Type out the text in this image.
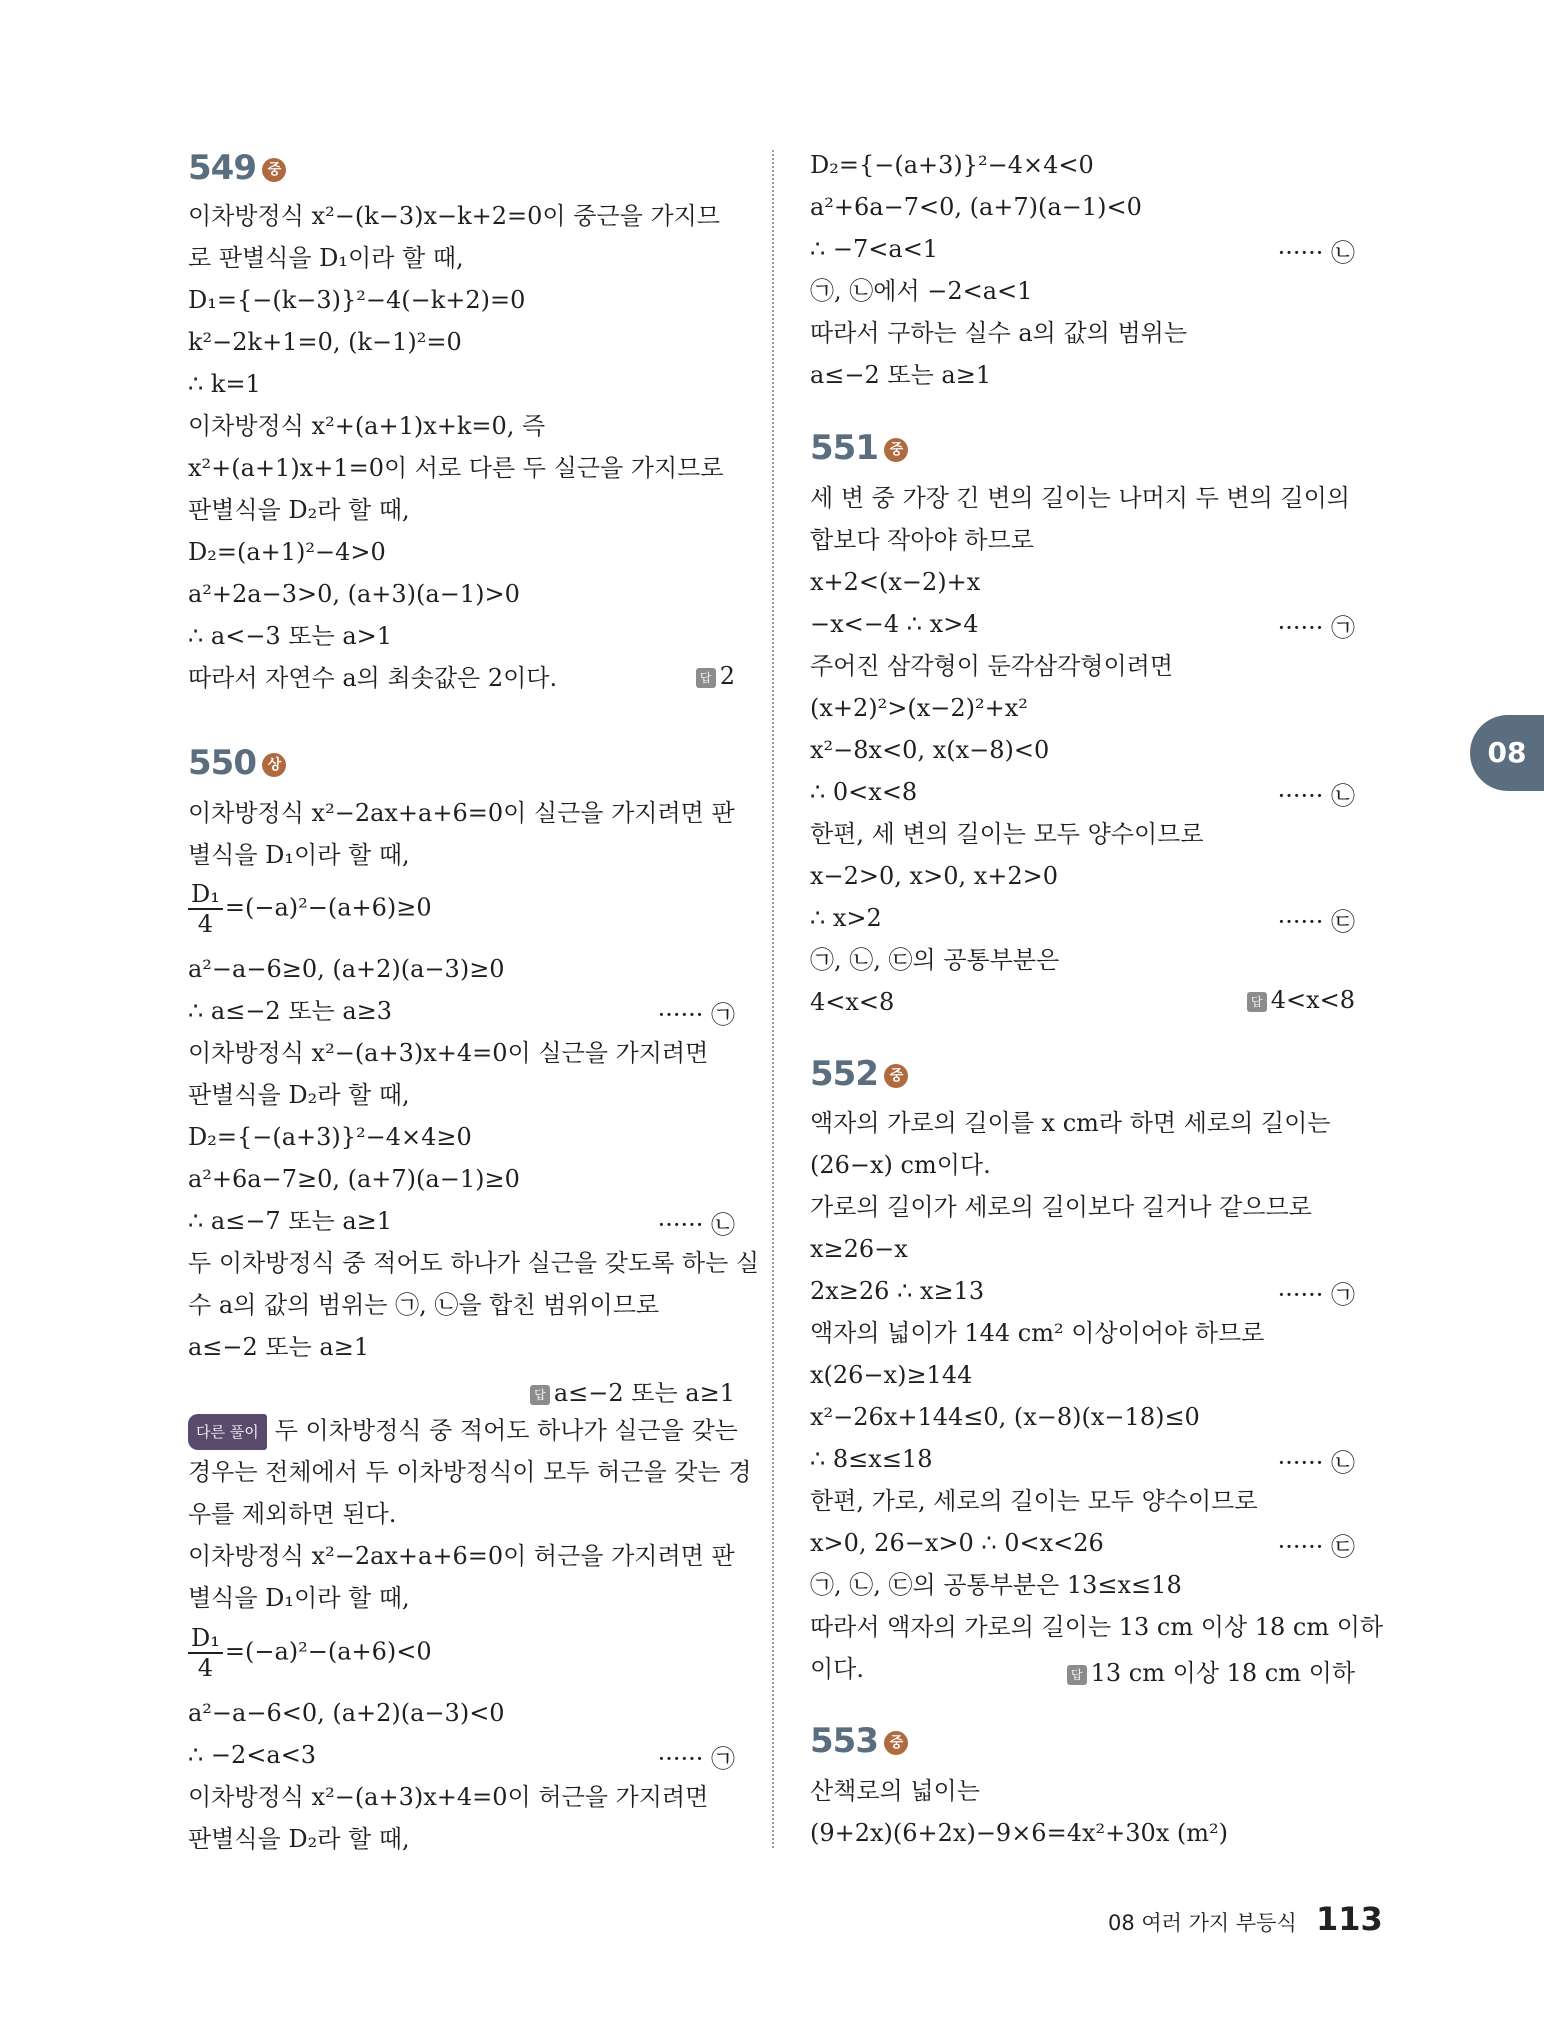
549 중
이차방정식 x²−(k−3)x−k+2=0이 중근을 가지므
로 판별식을 D₁이라 할 때,
D₁={−(k−3)}²−4(−k+2)=0
k²−2k+1=0, (k−1)²=0
∴ k=1
이차방정식 x²+(a+1)x+k=0, 즉
x²+(a+1)x+1=0이 서로 다른 두 실근을 가지므로
판별식을 D₂라 할 때,
D₂=(a+1)²−4>0
a²+2a−3>0, (a+3)(a−1)>0
∴ a<−3 또는 a>1
따라서 자연수 a의 최솟값은 2이다.	답 2
550 상
이차방정식 x²−2ax+a+6=0이 실근을 가지려면 판
별식을 D₁이라 할 때,
$\frac{\text{D₁}}{4} =(-a)^2-(a+6)\ge 0$
a²−a−6≥0, (a+2)(a−3)≥0
∴ a≤−2 또는 a≥3	······ ㉠
이차방정식 x²−(a+3)x+4=0이 실근을 가지려면
판별식을 D₂라 할 때,
D₂={−(a+3)}²−4×4≥0
a²+6a−7≥0, (a+7)(a−1)≥0
∴ a≤−7 또는 a≥1	······ ㉡
두 이차방정식 중 적어도 하나가 실근을 갖도록 하는 실
수 a의 값의 범위는 ㉠, ㉡을 합친 범위이므로
a≤−2 또는 a≥1
답 a≤−2 또는 a≥1
다른 풀이 두 이차방정식 중 적어도 하나가 실근을 갖는
경우는 전체에서 두 이차방정식이 모두 허근을 갖는 경
우를 제외하면 된다.
이차방정식 x²−2ax+a+6=0이 허근을 가지려면 판
별식을 D₁이라 할 때,
$\frac{\text{D₁}}{4} =(-a)^2-(a+6)<0$
a²−a−6<0, (a+2)(a−3)<0
∴ −2<a<3	······ ㉠
이차방정식 x²−(a+3)x+4=0이 허근을 가지려면
판별식을 D₂라 할 때,
D₂={−(a+3)}²−4×4<0
a²+6a−7<0, (a+7)(a−1)<0
∴ −7<a<1	······ ㉡
㉠, ㉡에서 −2<a<1
따라서 구하는 실수 a의 값의 범위는
a≤−2 또는 a≥1
551 중
세 변 중 가장 긴 변의 길이는 나머지 두 변의 길이의
합보다 작아야 하므로
x+2<(x−2)+x
−x<−4 ∴ x>4	······ ㉠
주어진 삼각형이 둔각삼각형이려면
(x+2)²>(x−2)²+x²
x²−8x<0, x(x−8)<0
∴ 0<x<8	······ ㉡
한편, 세 변의 길이는 모두 양수이므로
x−2>0, x>0, x+2>0
∴ x>2	······ ㉢
㉠, ㉡, ㉢의 공통부분은
4<x<8	답 4<x<8
552 중
액자의 가로의 길이를 x cm라 하면 세로의 길이는
(26−x) cm이다.
가로의 길이가 세로의 길이보다 길거나 같으므로
x≥26−x
2x≥26 ∴ x≥13	······ ㉠
액자의 넓이가 144 cm² 이상이어야 하므로
x(26−x)≥144
x²−26x+144≤0, (x−8)(x−18)≤0
∴ 8≤x≤18	······ ㉡
한편, 가로, 세로의 길이는 모두 양수이므로
x>0, 26−x>0 ∴ 0<x<26	······ ㉢
㉠, ㉡, ㉢의 공통부분은 13≤x≤18
따라서 액자의 가로의 길이는 13 cm 이상 18 cm 이하
이다.	답 13 cm 이상 18 cm 이하
553 중
산책로의 넓이는
(9+2x)(6+2x)−9×6=4x²+30x (m²)
08
08 여러 가지 부등식 113
